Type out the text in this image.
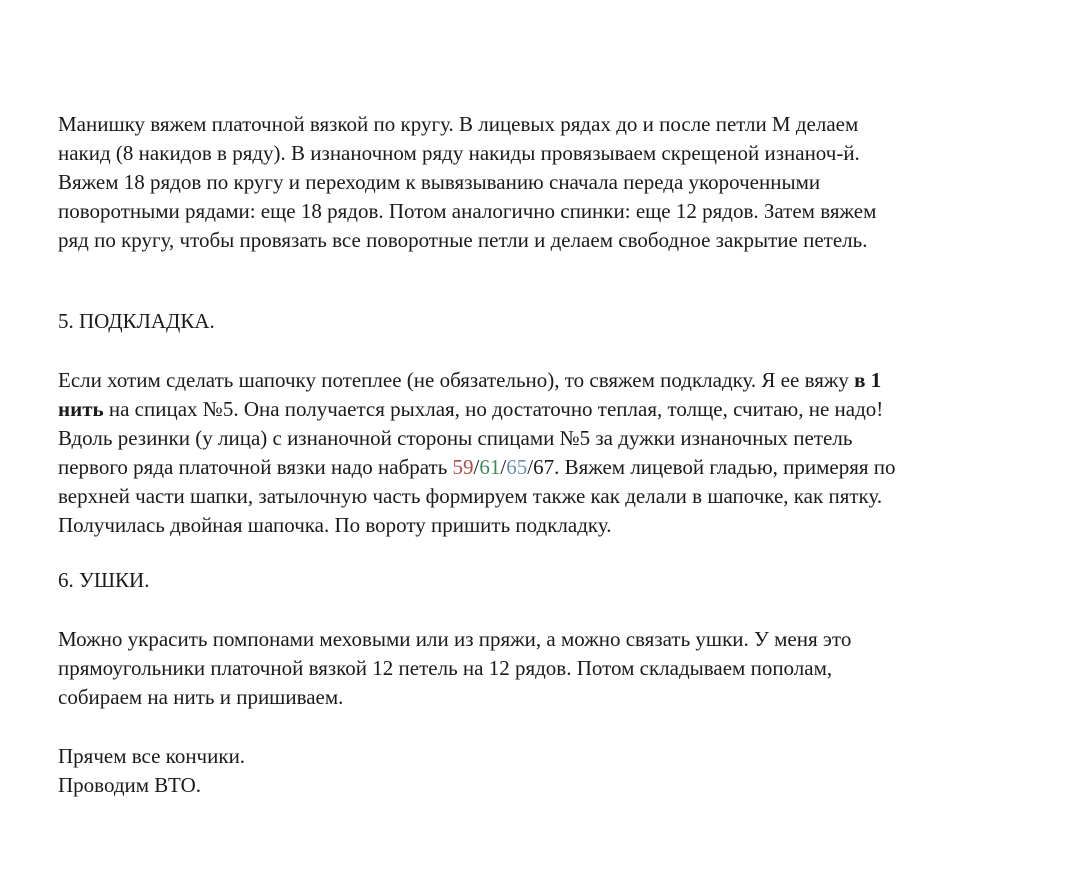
Манишку вяжем платочной вязкой по кругу. В лицевых рядах до и после петли М делаем
накид (8 накидов в ряду). В изнаночном ряду накиды провязываем скрещеной изнаноч-й.
Вяжем 18 рядов по кругу и переходим к вывязыванию сначала переда укороченными
поворотными рядами: еще 18 рядов. Потом аналогично спинки: еще 12 рядов. Затем вяжем
ряд по кругу, чтобы провязать все поворотные петли и делаем свободное закрытие петель.

5. ПОДКЛАДКА.

Если хотим сделать шапочку потеплее (не обязательно), то свяжем подкладку. Я ее вяжу в 1
нить на спицах №5. Она получается рыхлая, но достаточно теплая, толще, считаю, не надо!
Вдоль резинки (у лица) с изнаночной стороны спицами №5 за дужки изнаночных петель
первого ряда платочной вязки надо набрать 59/61/65/67. Вяжем лицевой гладью, примеряя по
верхней части шапки, затылочную часть формируем также как делали в шапочке, как пятку.
Получилась двойная шапочка. По вороту пришить подкладку.

6. УШКИ.

Можно украсить помпонами меховыми или из пряжи, а можно связать ушки. У меня это
прямоугольники платочной вязкой 12 петель на 12 рядов. Потом складываем пополам,
собираем на нить и пришиваем.

Прячем все кончики.
Проводим ВТО.
